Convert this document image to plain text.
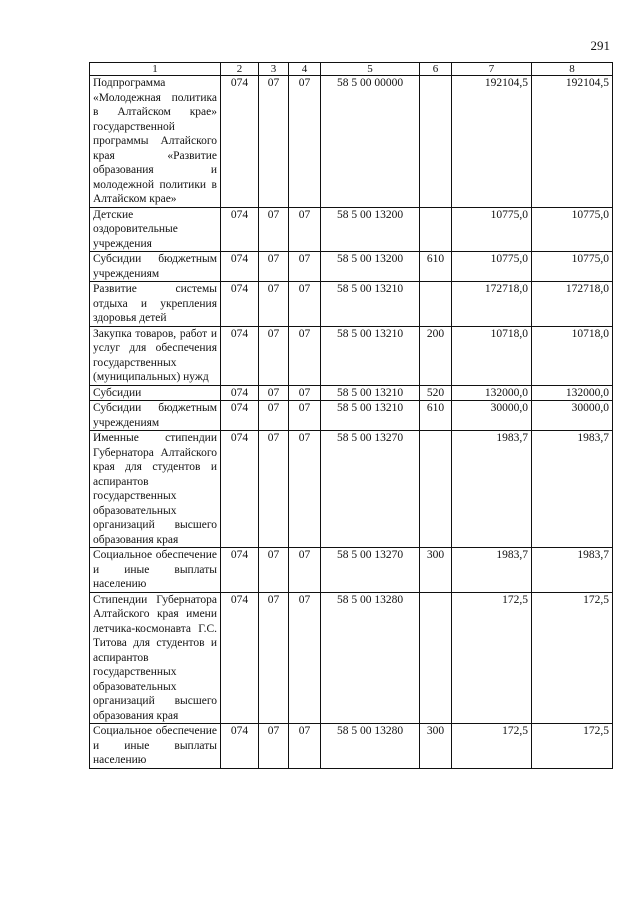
291
1	2	3	4	5	6	7	8
Подпрограмма «Молодежная политика в Алтайском крае» государственной программы Алтайского края «Развитие образования и молодежной политики в Алтайском крае»	074	07	07	58 5 00 00000		192104,5	192104,5
Детские оздоровительные учреждения	074	07	07	58 5 00 13200		10775,0	10775,0
Субсидии бюджетным учреждениям	074	07	07	58 5 00 13200	610	10775,0	10775,0
Развитие системы отдыха и укрепления здоровья детей	074	07	07	58 5 00 13210		172718,0	172718,0
Закупка товаров, работ и услуг для обеспечения государственных (муниципальных) нужд	074	07	07	58 5 00 13210	200	10718,0	10718,0
Субсидии	074	07	07	58 5 00 13210	520	132000,0	132000,0
Субсидии бюджетным учреждениям	074	07	07	58 5 00 13210	610	30000,0	30000,0
Именные стипендии Губернатора Алтайского края для студентов и аспирантов государственных образовательных организаций высшего образования края	074	07	07	58 5 00 13270		1983,7	1983,7
Социальное обеспечение и иные выплаты населению	074	07	07	58 5 00 13270	300	1983,7	1983,7
Стипендии Губернатора Алтайского края имени летчика-космонавта Г.С. Титова для студентов и аспирантов государственных образовательных организаций высшего образования края	074	07	07	58 5 00 13280		172,5	172,5
Социальное обеспечение и иные выплаты населению	074	07	07	58 5 00 13280	300	172,5	172,5
